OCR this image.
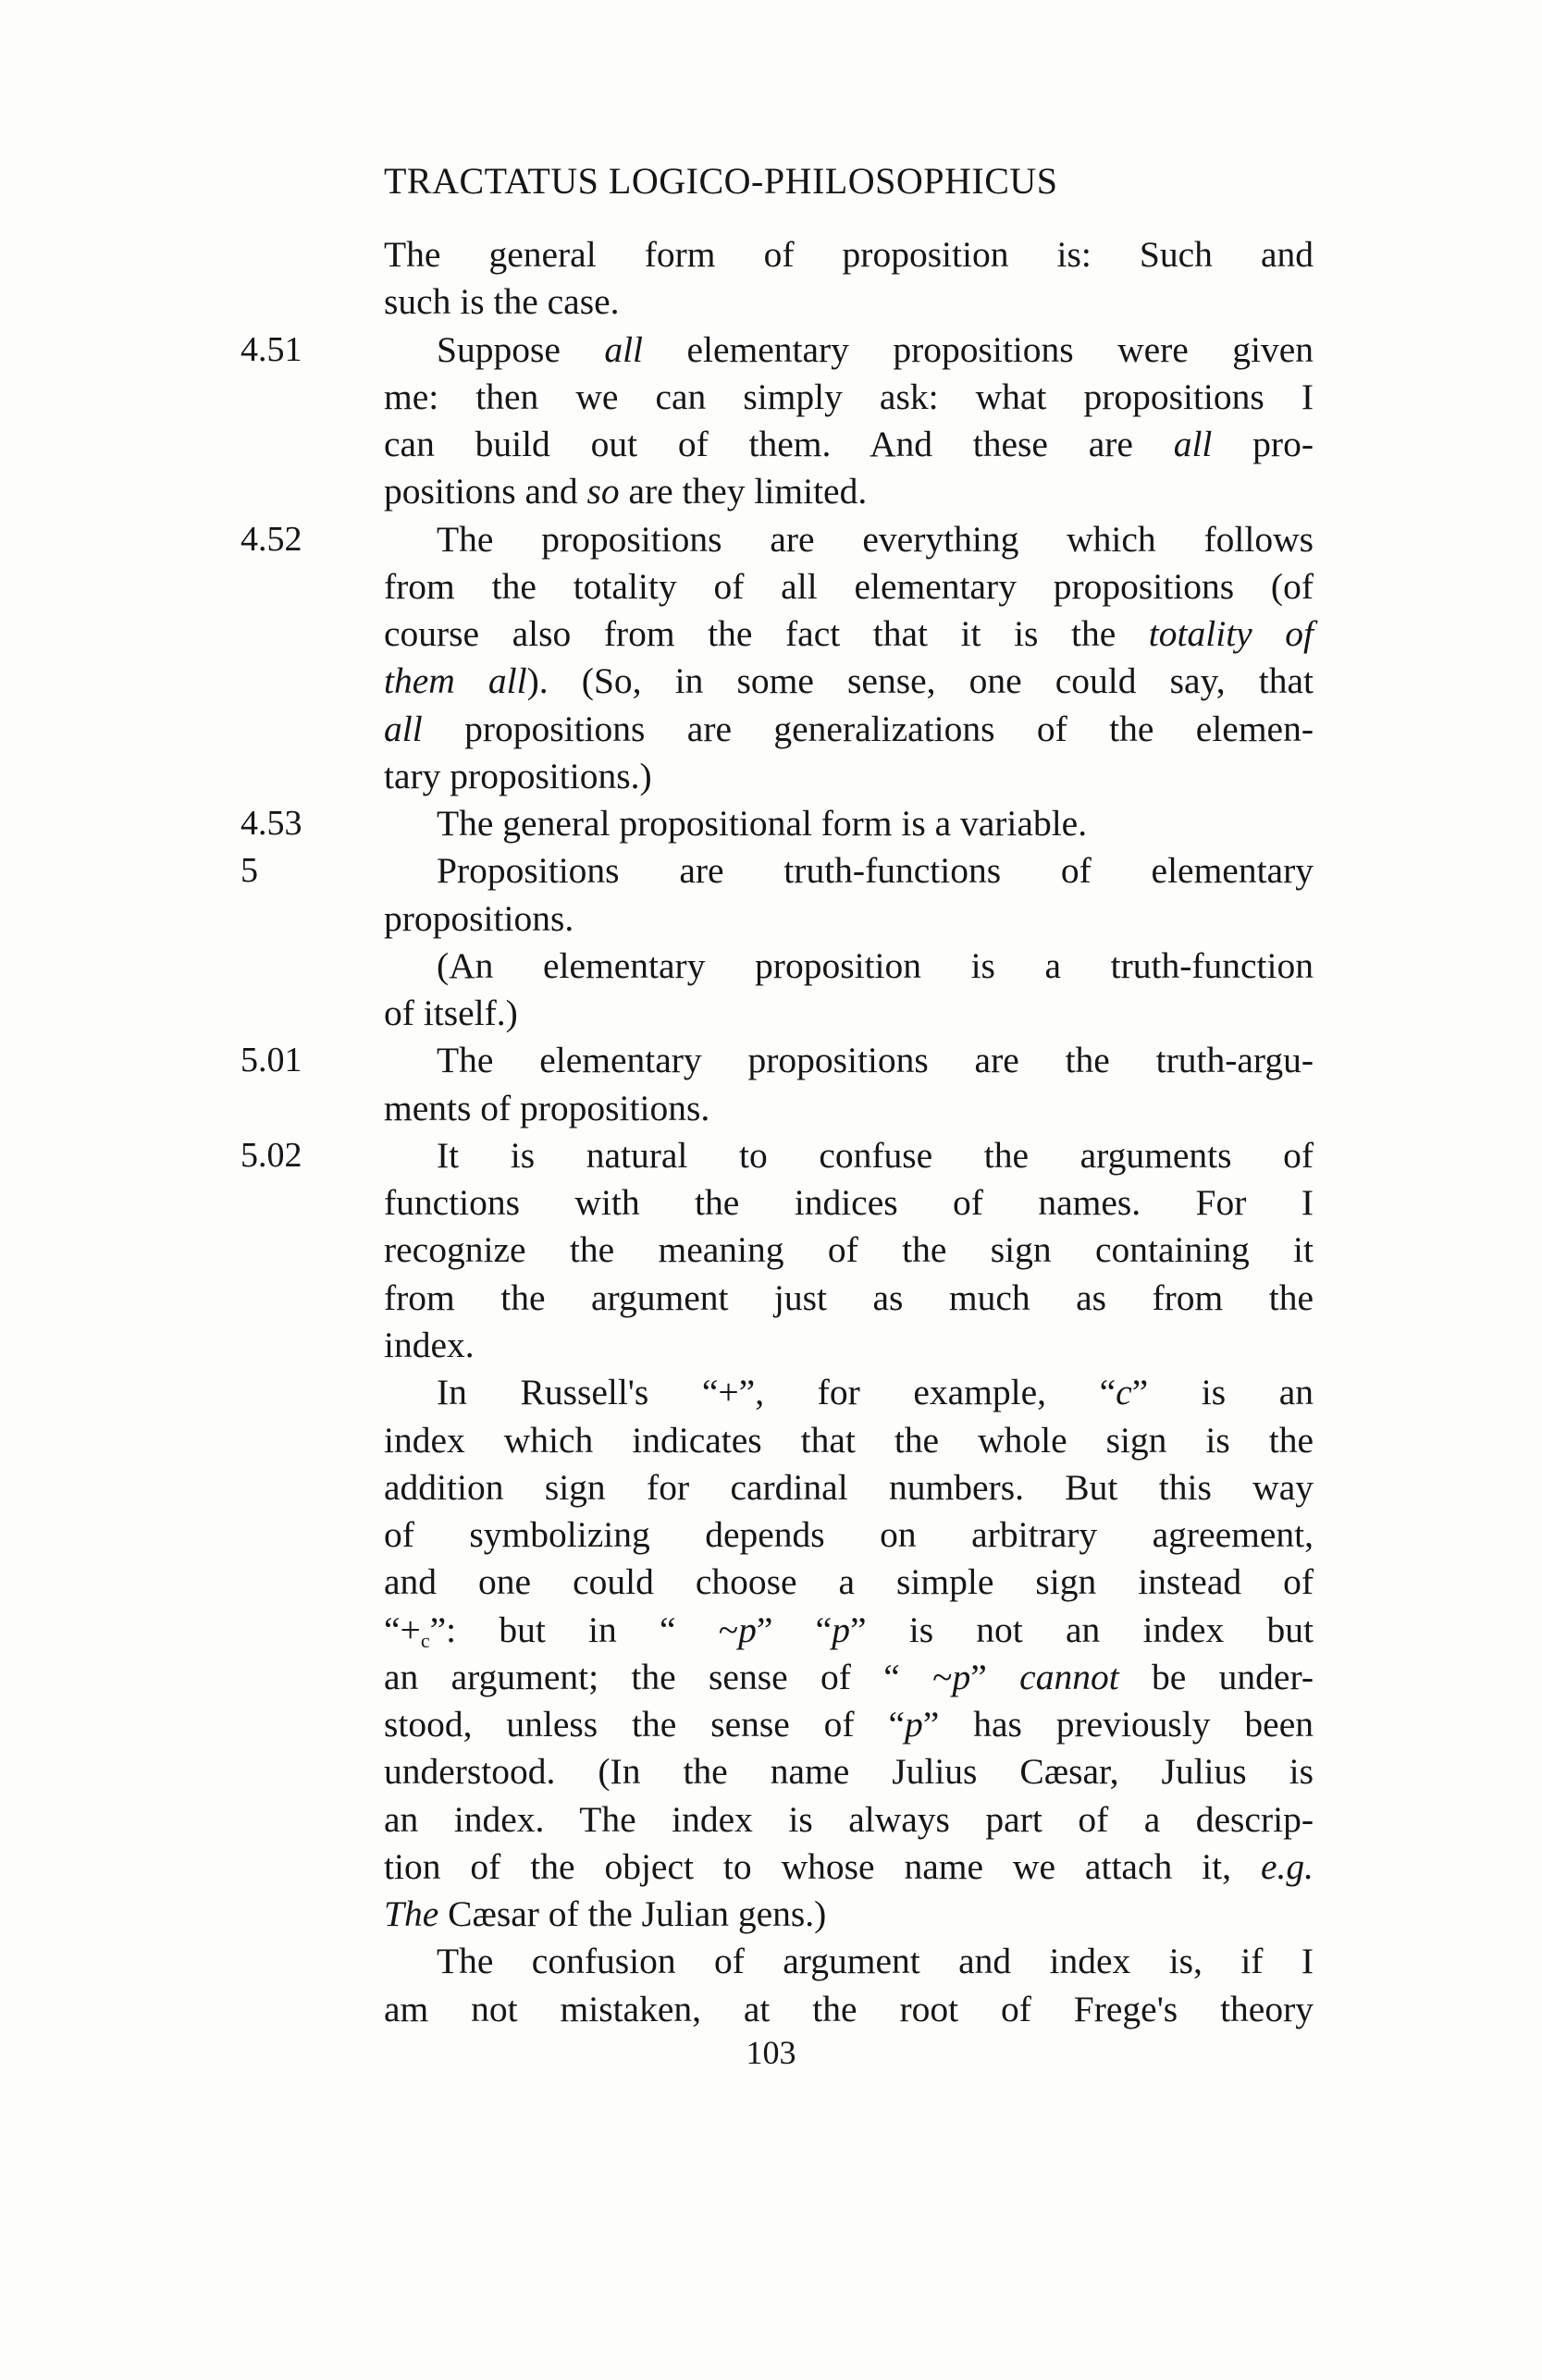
TRACTATUS LOGICO-PHILOSOPHICUS
The general form of proposition is: Such and
such is the case.
4.51	Suppose all elementary propositions were given
me: then we can simply ask: what propositions I
can build out of them. And these are all pro-
positions and so are they limited.
4.52	The propositions are everything which follows
from the totality of all elementary propositions (of
course also from the fact that it is the totality of
them all). (So, in some sense, one could say, that
all propositions are generalizations of the elemen-
tary propositions.)
4.53	The general propositional form is a variable.
5	Propositions are truth-functions of elementary
propositions.
(An elementary proposition is a truth-function
of itself.)
5.01	The elementary propositions are the truth-argu-
ments of propositions.
5.02	It is natural to confuse the arguments of
functions with the indices of names. For I
recognize the meaning of the sign containing it
from the argument just as much as from the
index.
In Russell's “+”, for example, “c” is an
index which indicates that the whole sign is the
addition sign for cardinal numbers. But this way
of symbolizing depends on arbitrary agreement,
and one could choose a simple sign instead of
“$+_c$”: but in “ ~p” “p” is not an index but
an argument; the sense of “ ~p” cannot be under-
stood, unless the sense of “p” has previously been
understood. (In the name Julius Cæsar, Julius is
an index. The index is always part of a descrip-
tion of the object to whose name we attach it, e.g.
The Cæsar of the Julian gens.)
The confusion of argument and index is, if I
am not mistaken, at the root of Frege's theory
103
